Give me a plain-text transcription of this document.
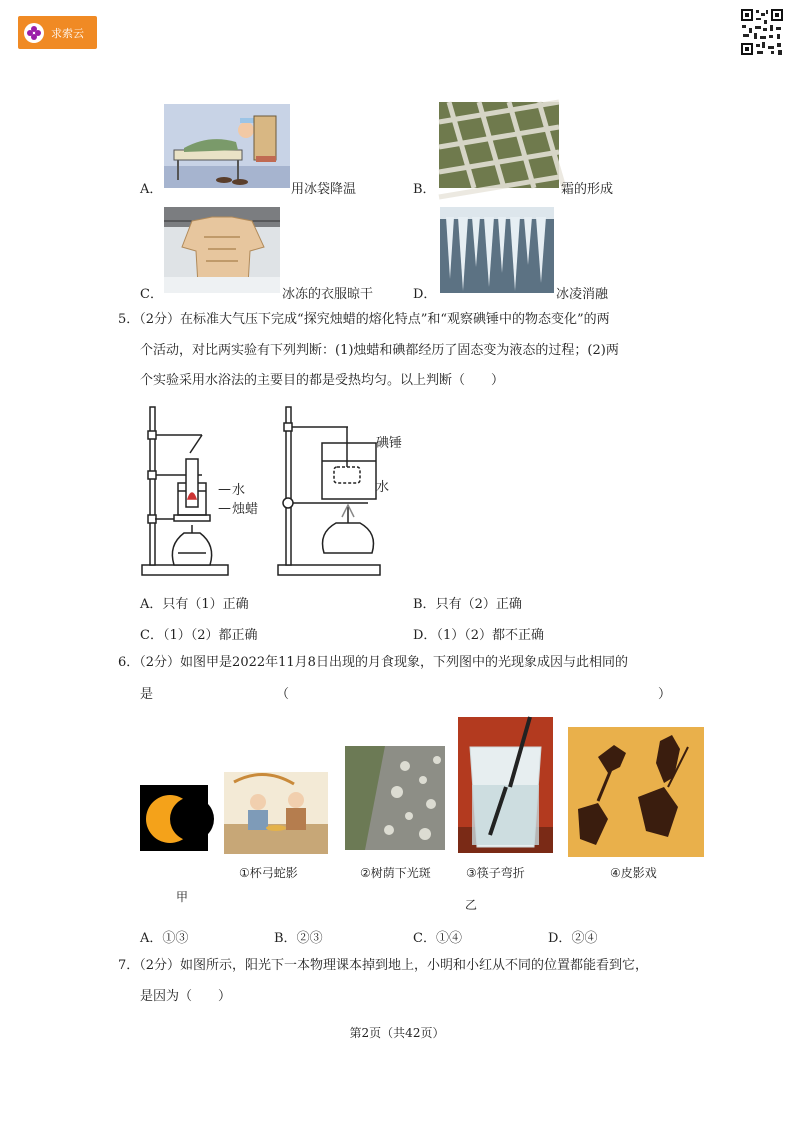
求索云
A．	用冰袋降温	B．	霜的形成
C．	冰冻的衣服晾干	D．	冰凌消融
5．（2分）在标准大气压下完成“探究烛蜡的熔化特点”和“观察碘锤中的物态变化”的两
个活动，对比两实验有下列判断：(1)烛蜡和碘都经历了固态变为液态的过程；(2)两
个实验采用水浴法的主要目的都是受热均匀。以上判断（　　）
— 水
— 烛蜡
碘锤
水
A．只有（1）正确	B．只有（2）正确
C．（1）（2）都正确	D．（1）（2）都不正确
6．（2分）如图甲是2022年11月8日出现的月食现象，下列图中的光现象成因与此相同的
是	（	）
甲
①杯弓蛇影	②树荫下光斑	③筷子弯折
乙
④皮影戏
A．①③	B．②③	C．①④	D．②④
7．（2分）如图所示，阳光下一本物理课本掉到地上，小明和小红从不同的位置都能看到它，
是因为（　　）
第2页（共42页）
